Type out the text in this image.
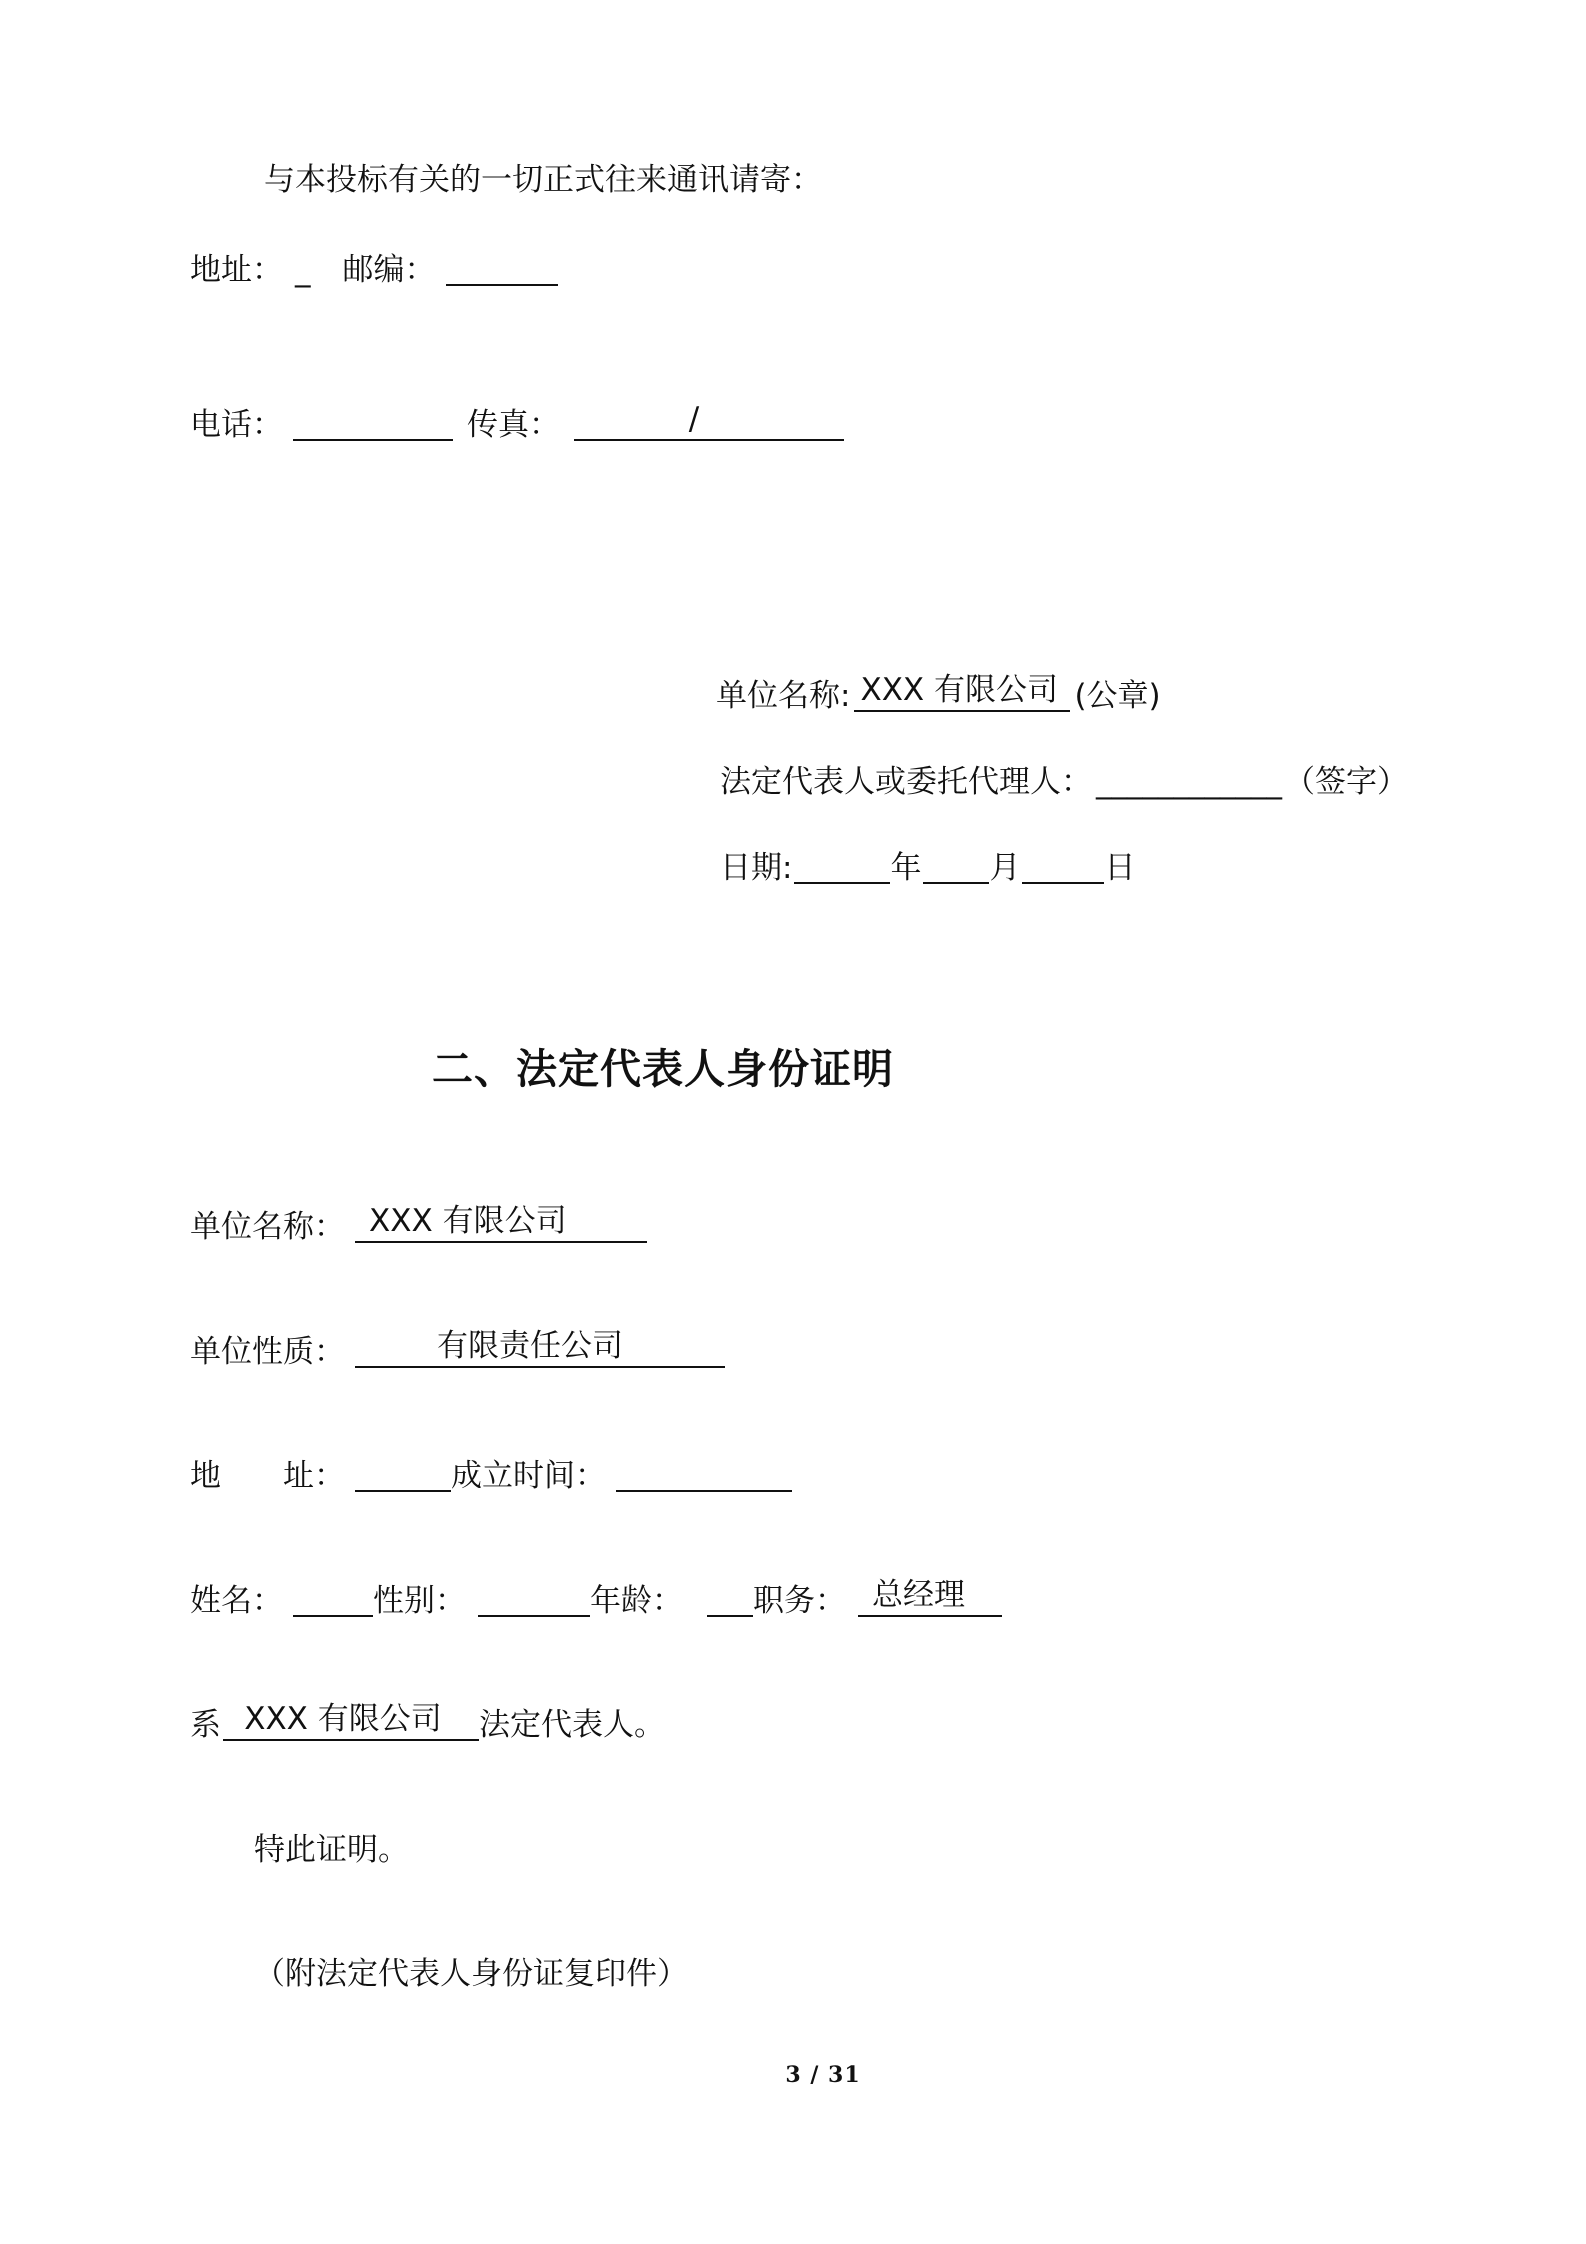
与本投标有关的一切正式往来通讯请寄：
地址： _ 邮编：
电话：	传真：	/
单位名称: XXX 有限公司 (公章)
法定代表人或委托代理人： ____________ （签字）
日期:	年 月	日
二、法定代表人身份证明
单位名称： XXX 有限公司
单位性质：	有限责任公司
地　　址：	成立时间：
姓名：	性别：	年龄： 职务： 总经理
系 XXX 有限公司	法定代表人。
特此证明。
（附法定代表人身份证复印件）
3 / 31
